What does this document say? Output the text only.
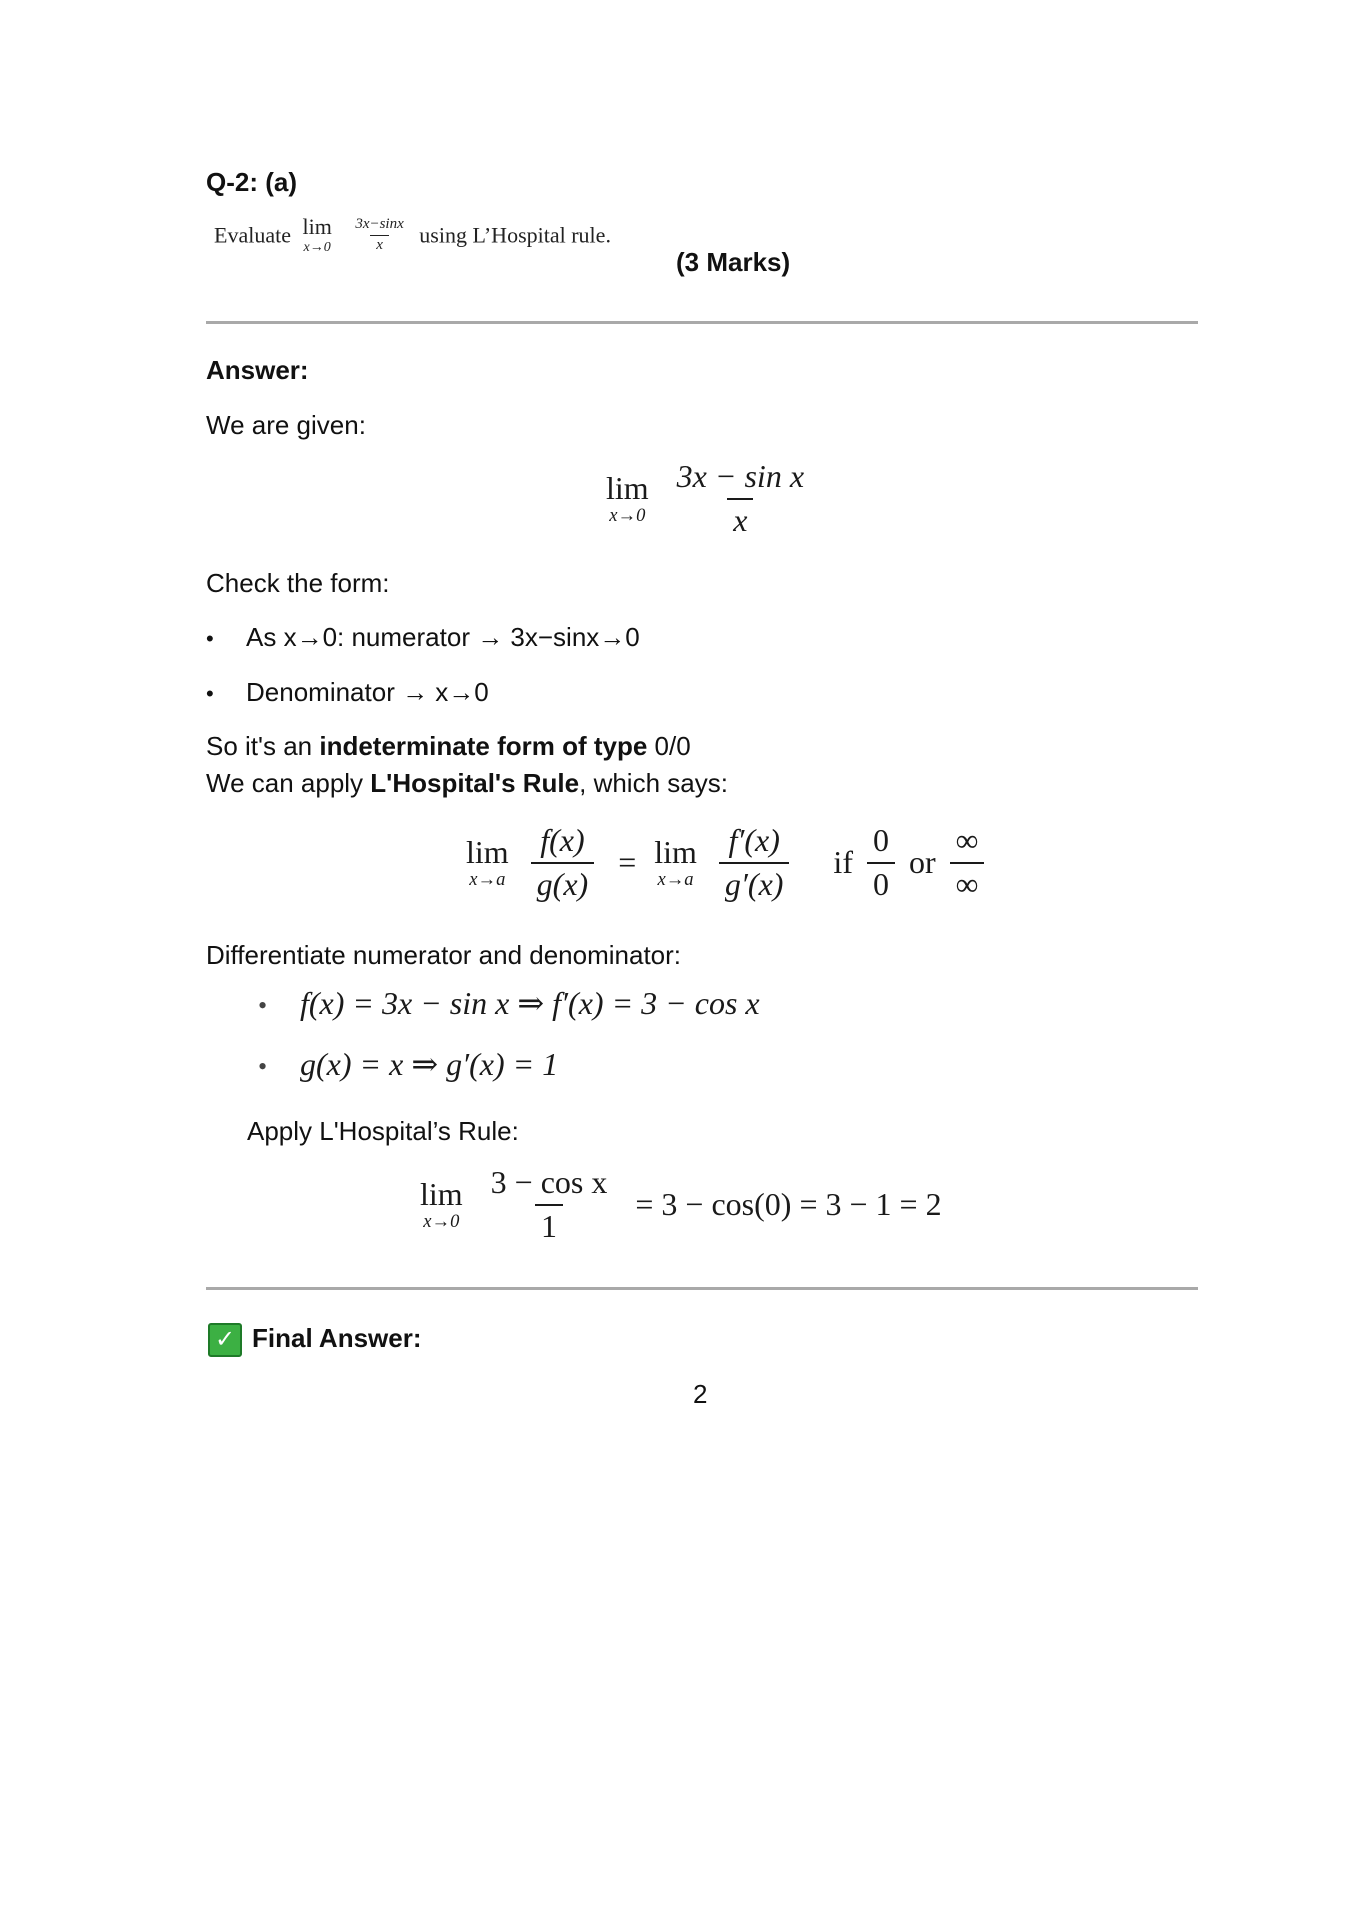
Q-2: (a)
Evaluate lim
x→0
$\frac{3x-\sin x}{x}$ using L’Hospital rule.
(3 Marks)
Answer:
We are given:
lim
x→0
$\frac{\text{3x − sin x}}{x}$
Check the form:
• As x→0: numerator → 3x−sinx→0
• Denominator → x→0
So it's an indeterminate form of type 0/0
We can apply L'Hospital's Rule, which says:
lim
x→a
$\frac{f(x)}{g(x)} = \lim$
x→a
$\frac{f'(x)}{g'(x)}$ if $\frac{0}{0}$ or $\frac{\infty}{\infty}$
Differentiate numerator and denominator:
• f(x) = 3x − sin x ⇒ f′(x) = 3 − cos x
• g(x) = x ⇒ g′(x) = 1
Apply L'Hospital’s Rule:
lim
x→0
$\frac{\text{3 − cos x}}{1} = 3 - \cos(0) = 3 - 1 = 2$
✓ Final Answer:
2
